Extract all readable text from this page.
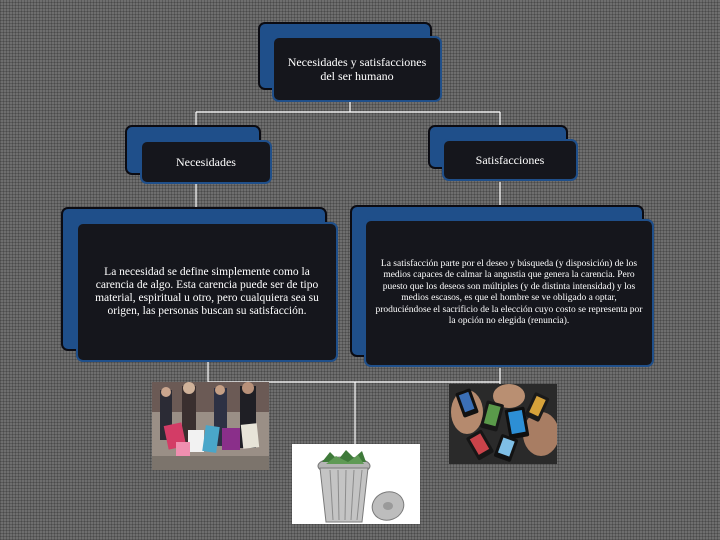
Necesidades y satisfacciones del ser humano
Necesidades	Satisfacciones
La necesidad se define simplemente como la carencia de algo. Esta carencia puede ser de tipo material, espiritual u otro, pero cualquiera sea su origen, las personas buscan su satisfacción.
La satisfacción parte por el deseo y búsqueda (y disposición) de los medios capaces de calmar la angustia que genera la carencia. Pero puesto que los deseos son múltiples (y de distinta intensidad) y los medios escasos, es que el hombre se ve obligado a optar, produciéndose el sacrificio de la elección cuyo costo se representa por la opción no elegida (renuncia).
